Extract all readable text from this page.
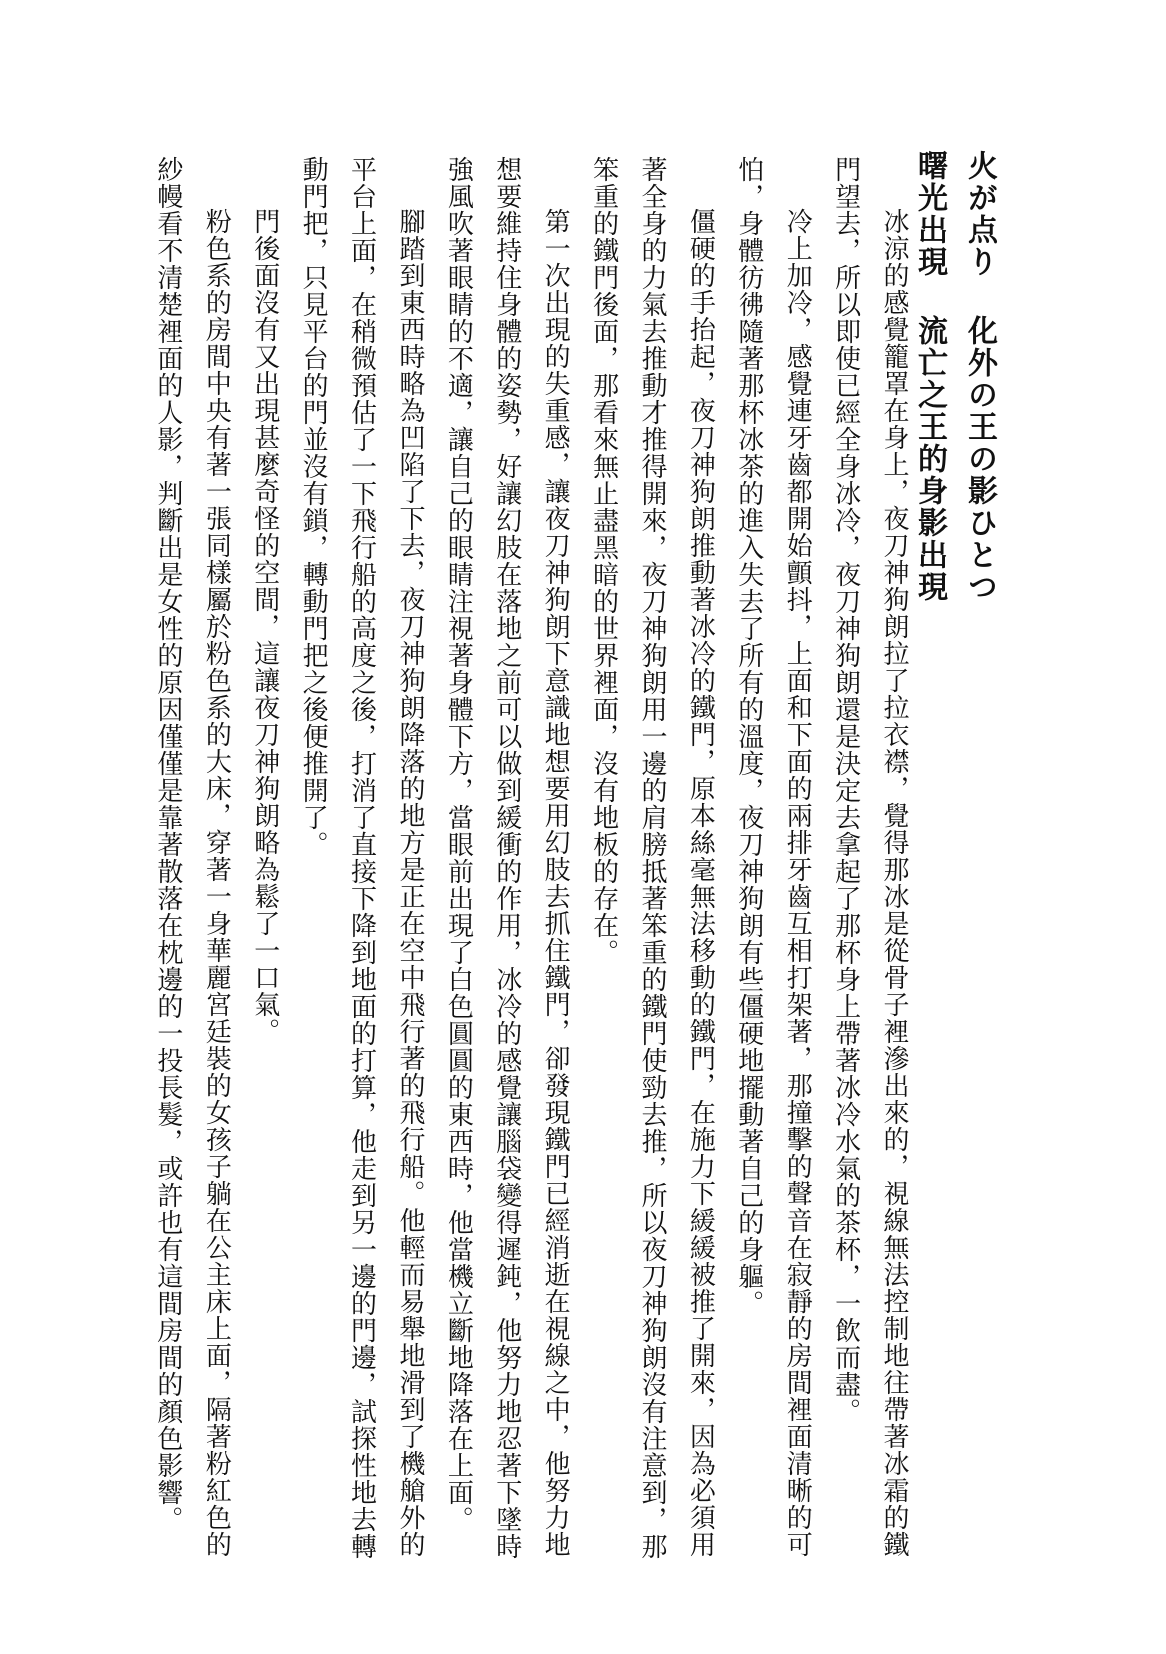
火が点り 化外の王の影ひとつ
曙光出現 流亡之王的身影出現
冰涼的感覺籠罩在身上，夜刀神狗朗拉了拉衣襟，覺得那冰是從骨子裡滲出來的，視線無法控制地往帶著冰霜的鐵
門望去，所以即使已經全身冰冷，夜刀神狗朗還是決定去拿起了那杯身上帶著冰冷水氣的茶杯，一飲而盡。
冷上加冷，感覺連牙齒都開始顫抖，上面和下面的兩排牙齒互相打架著，那撞擊的聲音在寂靜的房間裡面清晰的可
怕，身體彷彿隨著那杯冰茶的進入失去了所有的溫度，夜刀神狗朗有些僵硬地擺動著自己的身軀。
僵硬的手抬起，夜刀神狗朗推動著冰冷的鐵門，原本絲毫無法移動的鐵門，在施力下緩緩被推了開來，因為必須用
著全身的力氣去推動才推得開來，夜刀神狗朗用一邊的肩膀抵著笨重的鐵門使勁去推，所以夜刀神狗朗沒有注意到，那
笨重的鐵門後面，那看來無止盡黑暗的世界裡面，沒有地板的存在。
第一次出現的失重感，讓夜刀神狗朗下意識地想要用幻肢去抓住鐵門，卻發現鐵門已經消逝在視線之中，他努力地
想要維持住身體的姿勢，好讓幻肢在落地之前可以做到緩衝的作用，冰冷的感覺讓腦袋變得遲鈍，他努力地忍著下墜時
強風吹著眼睛的不適，讓自己的眼睛注視著身體下方，當眼前出現了白色圓圓的東西時，他當機立斷地降落在上面。
腳踏到東西時略為凹陷了下去，夜刀神狗朗降落的地方是正在空中飛行著的飛行船。他輕而易舉地滑到了機艙外的
平台上面，在稍微預估了一下飛行船的高度之後，打消了直接下降到地面的打算，他走到另一邊的門邊，試探性地去轉
動門把，只見平台的門並沒有鎖，轉動門把之後便推開了。
門後面沒有又出現甚麼奇怪的空間，這讓夜刀神狗朗略為鬆了一口氣。
粉色系的房間中央有著一張同樣屬於粉色系的大床，穿著一身華麗宮廷裝的女孩子躺在公主床上面，隔著粉紅色的
紗幔看不清楚裡面的人影，判斷出是女性的原因僅僅是靠著散落在枕邊的一投長髮，或許也有這間房間的顏色影響。
